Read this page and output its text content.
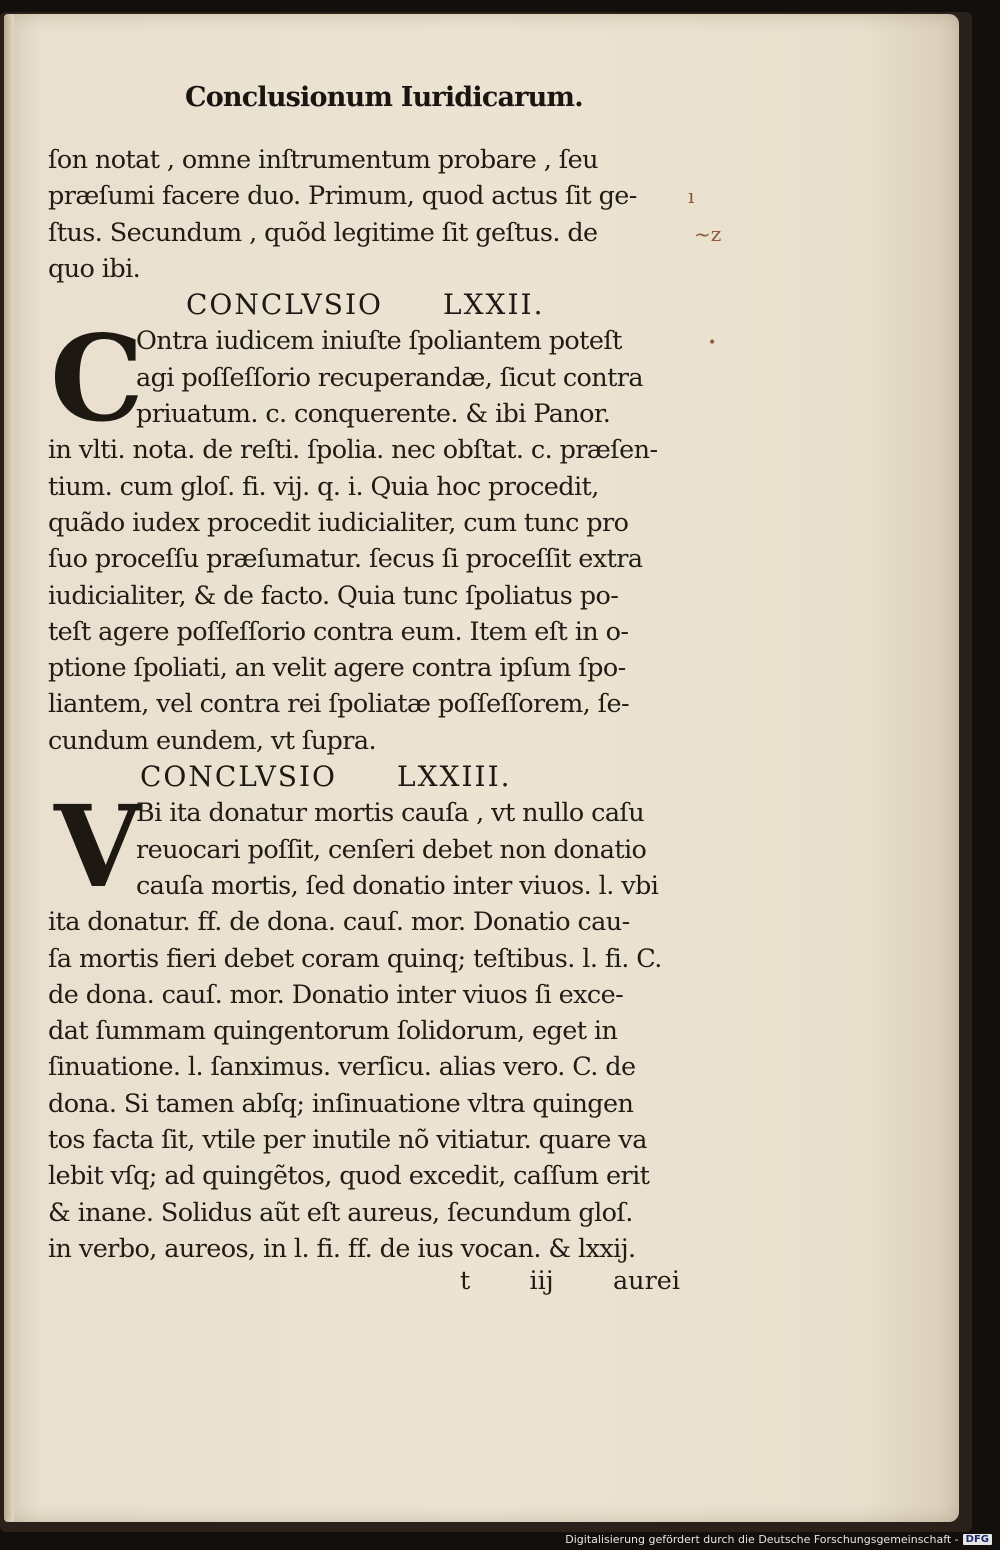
Conclusionum Iuridicarum.
C
V
ſon notat , omne inſtrumentum probare , ſeu
præſumi facere duo. Primum, quod actus ſit ge-
ſtus. Secundum , quõd legitime ſit geſtus. de
quo ibi.
CONCLVSIO LXXII.
Ontra iudicem iniuſte ſpoliantem poteſt
agi poſſeſſorio recuperandæ, ſicut contra
priuatum. c. conquerente. & ibi Panor.
in vlti. nota. de reſti. ſpolia. nec obſtat. c. præſen-
tium. cum gloſ. fi. vij. q. i. Quia hoc procedit,
quãdo iudex procedit iudicialiter, cum tunc pro
ſuo proceſſu præſumatur. ſecus ſi proceſſit extra
iudicialiter, & de facto. Quia tunc ſpoliatus po-
teſt agere poſſeſſorio contra eum. Item eſt in o-
ptione ſpoliati, an velit agere contra ipſum ſpo-
liantem, vel contra rei ſpoliatæ poſſeſſorem, ſe-
cundum eundem, vt ſupra.
CONCLVSIO LXXIII.
Bi ita donatur mortis cauſa , vt nullo caſu
reuocari poſſit, cenſeri debet non donatio
cauſa mortis, ſed donatio inter viuos. l. vbi
ita donatur. ff. de dona. cauſ. mor. Donatio cau-
ſa mortis fieri debet coram quinq; teſtibus. l. fi. C.
de dona. cauſ. mor. Donatio inter viuos ſi exce-
dat ſummam quingentorum ſolidorum, eget in
ſinuatione. l. ſanximus. verſicu. alias vero. C. de
dona. Si tamen abſq; inſinuatione vltra quingen
tos facta ſit, vtile per inutile nõ vitiatur. quare va
lebit vſq; ad quingẽtos, quod excedit, caſſum erit
& inane. Solidus aũt eſt aureus, ſecundum gloſ.
in verbo, aureos, in l. fi. ff. de ius vocan. & lxxij.
t iij aurei
ı
~z
•
Digitalisierung gefördert durch die Deutsche Forschungsgemeinschaft - DFG
